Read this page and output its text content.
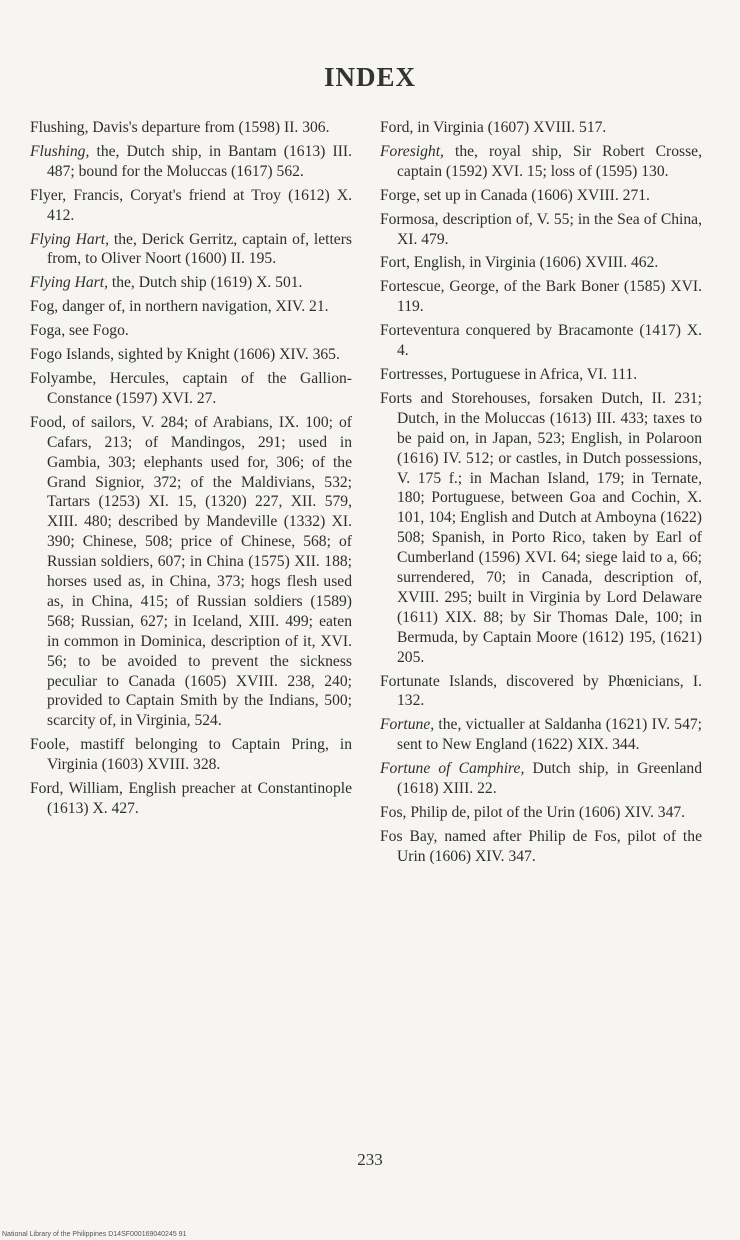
INDEX

Flushing, Davis's departure from (1598) II. 306.

Flushing, the, Dutch ship, in Bantam (1613) III. 487; bound for the Moluccas (1617) 562.

Flyer, Francis, Coryat's friend at Troy (1612) X. 412.

Flying Hart, the, Derick Gerritz, captain of, letters from, to Oliver Noort (1600) II. 195.

Flying Hart, the, Dutch ship (1619) X. 501.

Fog, danger of, in northern navigation, XIV. 21.

Foga, see Fogo.

Fogo Islands, sighted by Knight (1606) XIV. 365.

Folyambe, Hercules, captain of the Gallion-Constance (1597) XVI. 27.

Food, of sailors, V. 284; of Arabians, IX. 100; of Cafars, 213; of Mandingos, 291; used in Gambia, 303; elephants used for, 306; of the Grand Signior, 372; of the Maldivians, 532; Tartars (1253) XI. 15, (1320) 227, XII. 579, XIII. 480; described by Mandeville (1332) XI. 390; Chinese, 508; price of Chinese, 568; of Russian soldiers, 607; in China (1575) XII. 188; horses used as, in China, 373; hogs flesh used as, in China, 415; of Russian soldiers (1589) 568; Russian, 627; in Iceland, XIII. 499; eaten in common in Dominica, description of it, XVI. 56; to be avoided to prevent the sickness peculiar to Canada (1605) XVIII. 238, 240; provided to Captain Smith by the Indians, 500; scarcity of, in Virginia, 524.

Foole, mastiff belonging to Captain Pring, in Virginia (1603) XVIII. 328.

Ford, William, English preacher at Constantinople (1613) X. 427.

Ford, in Virginia (1607) XVIII. 517.

Foresight, the, royal ship, Sir Robert Crosse, captain (1592) XVI. 15; loss of (1595) 130.

Forge, set up in Canada (1606) XVIII. 271.

Formosa, description of, V. 55; in the Sea of China, XI. 479.

Fort, English, in Virginia (1606) XVIII. 462.

Fortescue, George, of the Bark Boner (1585) XVI. 119.

Forteventura conquered by Bracamonte (1417) X. 4.

Fortresses, Portuguese in Africa, VI. 111.

Forts and Storehouses, forsaken Dutch, II. 231; Dutch, in the Moluccas (1613) III. 433; taxes to be paid on, in Japan, 523; English, in Polaroon (1616) IV. 512; or castles, in Dutch possessions, V. 175 f.; in Machan Island, 179; in Ternate, 180; Portuguese, between Goa and Cochin, X. 101, 104; English and Dutch at Amboyna (1622) 508; Spanish, in Porto Rico, taken by Earl of Cumberland (1596) XVI. 64; siege laid to a, 66; surrendered, 70; in Canada, description of, XVIII. 295; built in Virginia by Lord Delaware (1611) XIX. 88; by Sir Thomas Dale, 100; in Bermuda, by Captain Moore (1612) 195, (1621) 205.

Fortunate Islands, discovered by Phœnicians, I. 132.

Fortune, the, victualler at Saldanha (1621) IV. 547; sent to New England (1622) XIX. 344.

Fortune of Camphire, Dutch ship, in Greenland (1618) XIII. 22.

Fos, Philip de, pilot of the Urin (1606) XIV. 347.

Fos Bay, named after Philip de Fos, pilot of the Urin (1606) XIV. 347.

233
National Library of the Philippines D14SF000169040245 91
